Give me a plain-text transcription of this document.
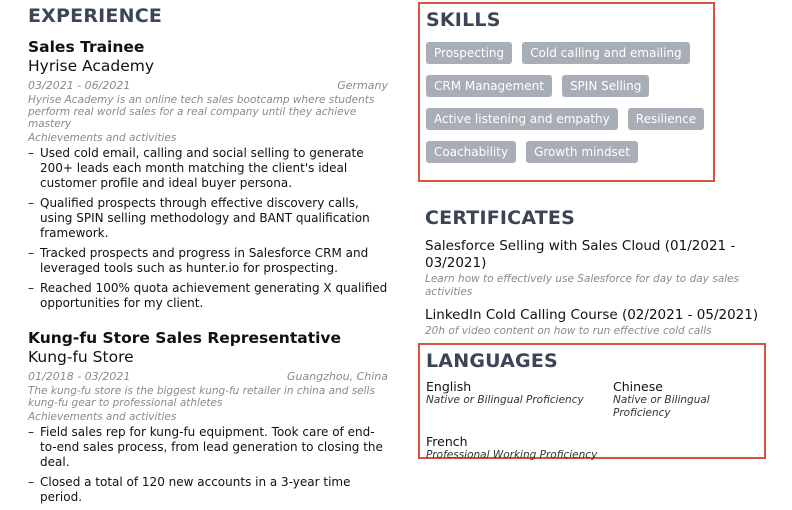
EXPERIENCE
Sales Trainee
Hyrise Academy
03/2021 - 06/2021	Germany
Hyrise Academy is an online tech sales bootcamp where students perform real world sales for a real company until they achieve mastery
Achievements and activities
– Used cold email, calling and social selling to generate 200+ leads each month matching the client's ideal customer profile and ideal buyer persona.
– Qualified prospects through effective discovery calls, using SPIN selling methodology and BANT qualification framework.
– Tracked prospects and progress in Salesforce CRM and leveraged tools such as hunter.io for prospecting.
– Reached 100% quota achievement generating X qualified opportunities for my client.
Kung-fu Store Sales Representative
Kung-fu Store
01/2018 - 03/2021	Guangzhou, China
The kung-fu store is the biggest kung-fu retailer in china and sells kung-fu gear to professional athletes
Achievements and activities
– Field sales rep for kung-fu equipment. Took care of end-to-end sales process, from lead generation to closing the deal.
– Closed a total of 120 new accounts in a 3-year time period.
SKILLS
Prospecting	Cold calling and emailing
CRM Management	SPIN Selling
Active listening and empathy	Resilience
Coachability	Growth mindset
CERTIFICATES
Salesforce Selling with Sales Cloud (01/2021 - 03/2021)
Learn how to effectively use Salesforce for day to day sales activities
LinkedIn Cold Calling Course (02/2021 - 05/2021)
20h of video content on how to run effective cold calls
LANGUAGES
English
Native or Bilingual Proficiency
Chinese
Native or Bilingual Proficiency
French
Professional Working Proficiency
